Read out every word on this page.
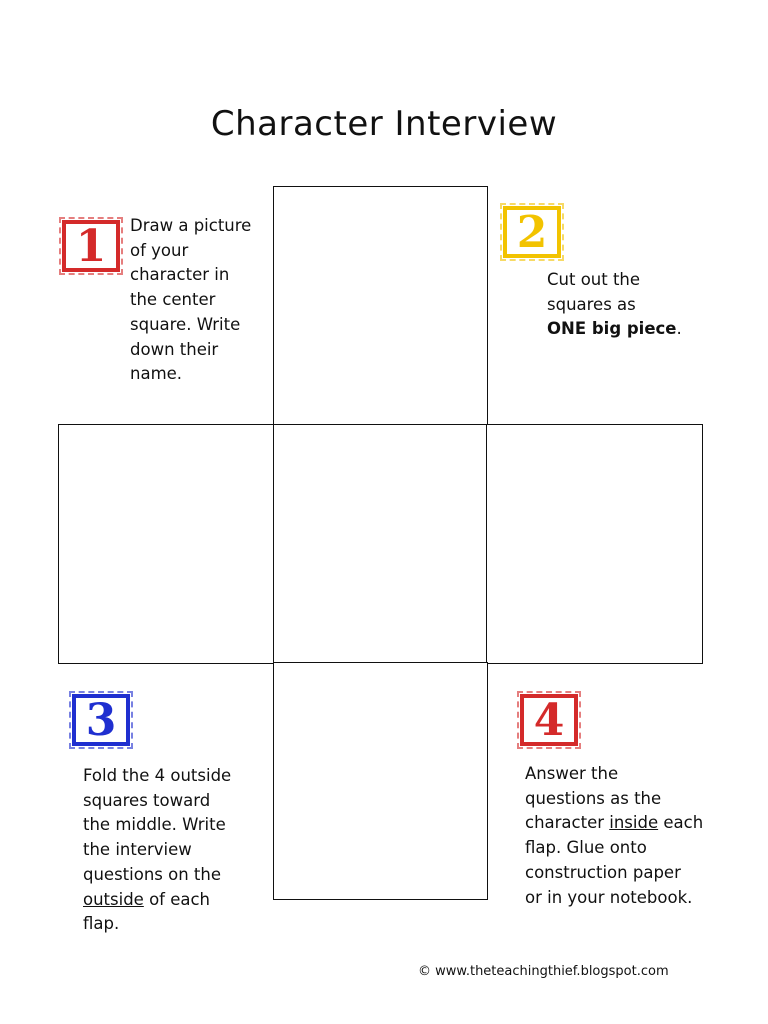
Character Interview
1 Draw a picture
of your
character in
the center
square. Write
down their
name.
2
Cut out the
squares as
ONE big piece.
3
Fold the 4 outside
squares toward
the middle. Write
the interview
questions on the
outside of each
flap.
4
Answer the
questions as the
character inside each
flap. Glue onto
construction paper
or in your notebook.
© www.theteachingthief.blogspot.com
